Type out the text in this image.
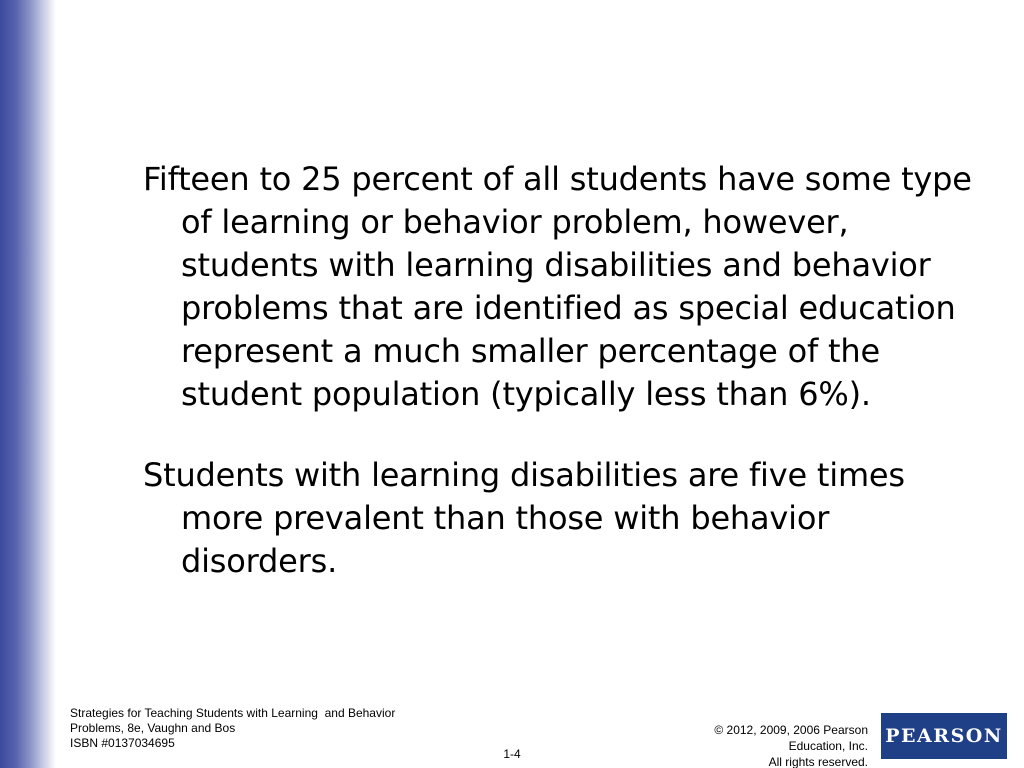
Fifteen to 25 percent of all students have some type of learning or behavior problem, however, students with learning disabilities and behavior problems that are identified as special education represent a much smaller percentage of the student population (typically less than 6%).

Students with learning disabilities are five times more prevalent than those with behavior disorders.

Strategies for Teaching Students with Learning  and Behavior
Problems, 8e, Vaughn and Bos
ISBN #0137034695
1-4
© 2012, 2009, 2006 Pearson
Education, Inc.
All rights reserved.
PEARSON
